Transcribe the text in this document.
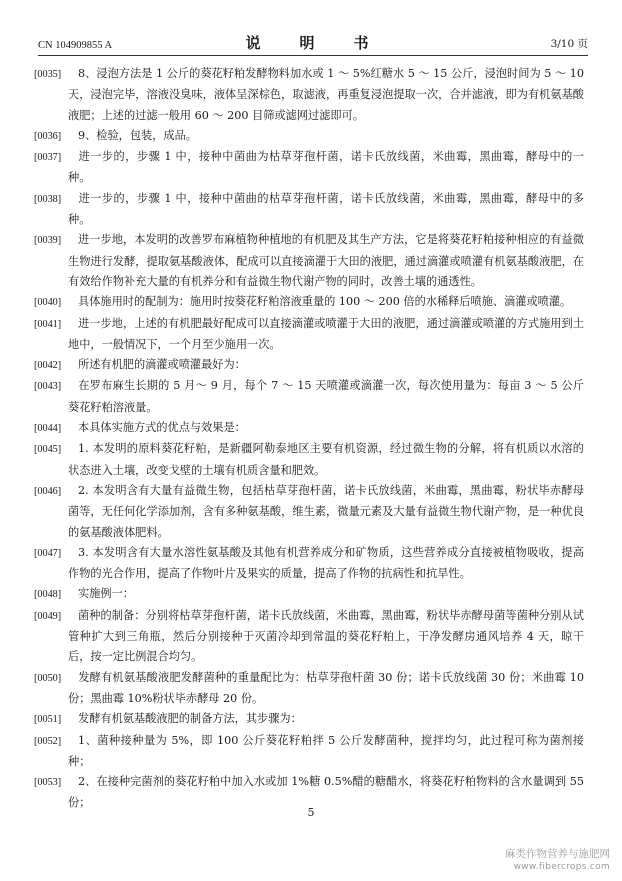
CN 104909855 A	说　明　书	3/10 页

[0035] 8、浸泡方法是 1 公斤的葵花籽粕发酵物料加水或 1 ～ 5%红糖水 5 ～ 15 公斤，浸泡时间为 5 ～ 10 天，浸泡完毕，溶液没臭味，液体呈深棕色，取滤液，再重复浸泡提取一次，合并滤液，即为有机氨基酸液肥；上述的过滤一般用 60 ～ 200 目筛或滤网过滤即可。

[0036] 9、检验，包装，成品。

[0037] 进一步的，步骤 1 中，接种中菌曲为枯草芽孢杆菌，诺卡氏放线菌，米曲霉，黑曲霉，酵母中的一种。

[0038] 进一步的，步骤 1 中，接种中菌曲的枯草芽孢杆菌，诺卡氏放线菌，米曲霉，黑曲霉，酵母中的多种。

[0039] 进一步地，本发明的改善罗布麻植物种植地的有机肥及其生产方法，它是将葵花籽粕接种相应的有益微生物进行发酵，提取氨基酸液体，配成可以直接滴灌于大田的液肥，通过滴灌或喷灌有机氨基酸液肥，在有效给作物补充大量的有机养分和有益微生物代谢产物的同时，改善土壤的通透性。

[0040] 具体施用时的配制为：施用时按葵花籽粕溶液重量的 100 ～ 200 倍的水稀释后喷施、滴灌或喷灌。

[0041] 进一步地，上述的有机肥最好配成可以直接滴灌或喷灌于大田的液肥，通过滴灌或喷灌的方式施用到土地中，一般情况下，一个月至少施用一次。

[0042] 所述有机肥的滴灌或喷灌最好为：

[0043] 在罗布麻生长期的 5 月～ 9 月，每个 7 ～ 15 天喷灌或滴灌一次，每次使用量为：每亩 3 ～ 5 公斤葵花籽粕溶液量。

[0044] 本具体实施方式的优点与效果是：

[0045] 1. 本发明的原料葵花籽粕，是新疆阿勒泰地区主要有机资源，经过微生物的分解，将有机质以水溶的状态进入土壤，改变戈壁的土壤有机质含量和肥效。

[0046] 2. 本发明含有大量有益微生物，包括枯草芽孢杆菌，诺卡氏放线菌，米曲霉，黑曲霉，粉状毕赤酵母菌等，无任何化学添加剂，含有多种氨基酸，维生素，微量元素及大量有益微生物代谢产物，是一种优良的氨基酸液体肥料。

[0047] 3. 本发明含有大量水溶性氨基酸及其他有机营养成分和矿物质，这些营养成分直接被植物吸收，提高作物的光合作用，提高了作物叶片及果实的质量，提高了作物的抗病性和抗旱性。

[0048] 实施例一：

[0049] 菌种的制备：分别将枯草芽孢杆菌，诺卡氏放线菌，米曲霉，黑曲霉，粉状毕赤酵母菌等菌种分别从试管种扩大到三角瓶，然后分别接种于灭菌冷却到常温的葵花籽粕上，干净发酵房通风培养 4 天，晾干后，按一定比例混合均匀。

[0050] 发酵有机氨基酸液肥发酵菌种的重量配比为：枯草芽孢杆菌 30 份；诺卡氏放线菌 30 份；米曲霉 10 份；黑曲霉 10%粉状毕赤酵母 20 份。

[0051] 发酵有机氨基酸液肥的制备方法，其步骤为：

[0052] 1、菌种接种量为 5%，即 100 公斤葵花籽粕拌 5 公斤发酵菌种，搅拌均匀，此过程可称为菌剂接种；

[0053] 2、在接种完菌剂的葵花籽粕中加入水或加 1%糖 0.5%醋的糖醋水，将葵花籽粕物料的含水量调到 55 份；

5
麻类作物营养与施肥网
www.fibercrops.com
